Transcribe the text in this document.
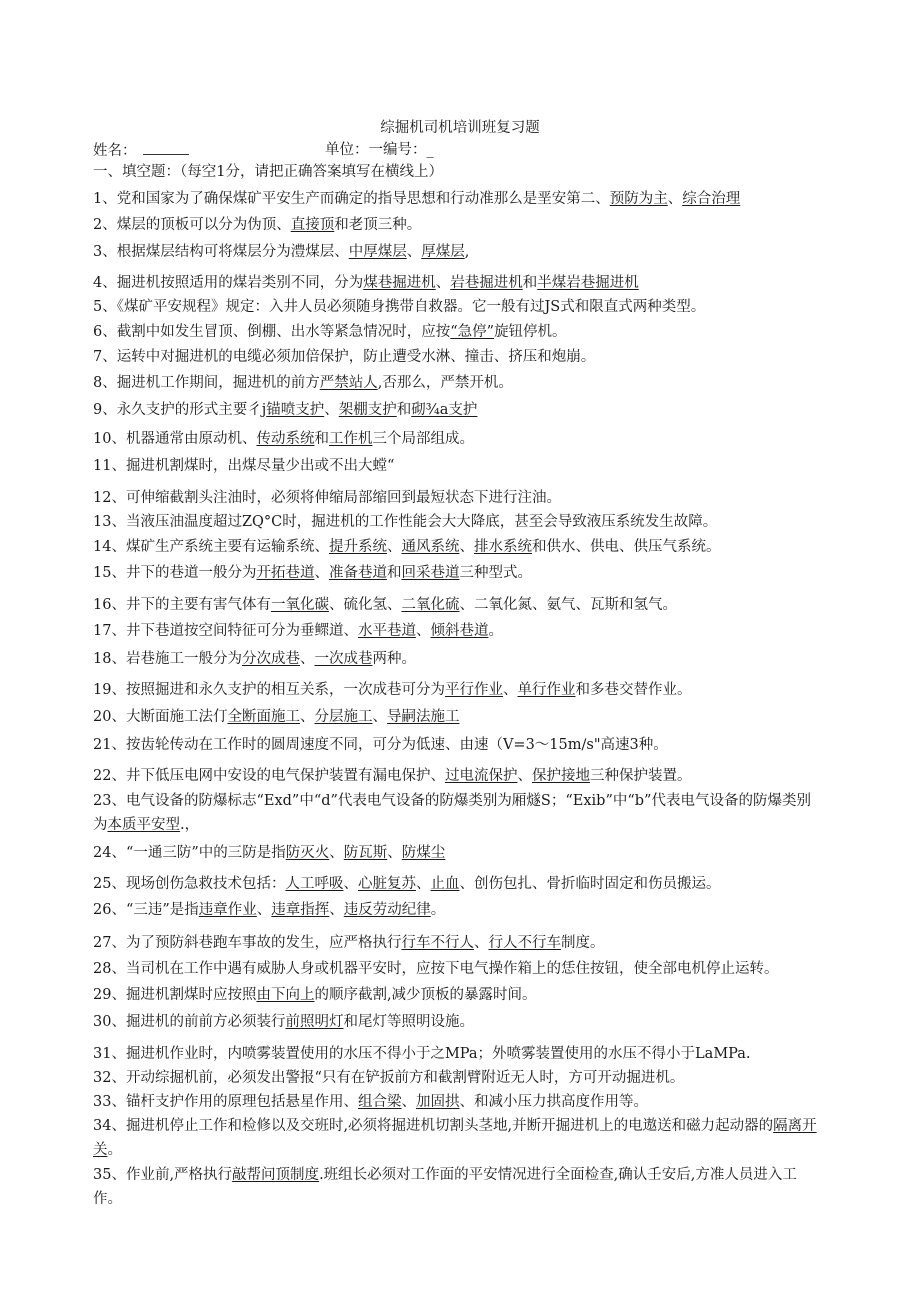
综掘机司机培训班复习题
姓名：	单位：一编号：_
一、填空题：（每空1分，请把正确答案填写在横线上）
1、党和国家为了确保煤矿平安生产而确定的指导思想和行动准那么是垩安第二、预防为主、综合治理
2、煤层的顶板可以分为伪顶、直接顶和老顶三种。
3、根据煤层结构可将煤层分为澧煤层、中厚煤层、厚煤层,
4、掘进机按照适用的煤岩类别不同，分为煤巷掘进机、岩巷掘进机和半煤岩巷掘进机
5、《煤矿平安规程》规定：入井人员必须随身携带自救器。它一般有过JS式和限直式两种类型。
6、截割中如发生冒顶、倒棚、出水等紧急情况时，应按“急停”旋钮停机。
7、运转中对掘进机的电缆必须加倍保护，防止遭受水淋、撞击、挤压和炮崩。
8、掘进机工作期间，掘进机的前方严禁站人,否那么，严禁开机。
9、永久支护的形式主要彳j锚喷支护、架棚支护和砌¾a支护
10、机器通常由原动机、传动系统和工作机三个局部组成。
11、掘进机割煤时，出煤尽量少出或不出大螳“
12、可伸缩截割头注油时，必须将伸缩局部缩回到最短状态下进行注油。
13、当液压油温度超过ZQ°C时，掘进机的工作性能会大大降底，甚至会导致液压系统发生故障。
14、煤矿生产系统主要有运输系统、提升系统、通风系统、排水系统和供水、供电、供压气系统。
15、井下的巷道一般分为开拓巷道、准备巷道和回采巷道三种型式。
16、井下的主要有害气体有一氧化碳、硫化氢、二氧化硫、二氧化氮、氨气、瓦斯和氢气。
17、井下巷道按空间特征可分为垂鳏道、水平巷道、倾斜巷道。
18、岩巷施工一般分为分次成巷、一次成巷两种。
19、按照掘进和永久支护的相互关系，一次成巷可分为平行作业、单行作业和多巷交替作业。
20、大断面施工法仃全断面施工、分层施工、导嗣法施工
21、按齿轮传动在工作时的圆周速度不同，可分为低速、由速（V=3～15m∕s"高速3种。
22、井下低压电网中安设的电气保护装置有漏电保护、过电流保护、保护接地三种保护装置。
23、电气设备的防爆标志“Exd”中“d”代表电气设备的防爆类别为厢燧S；“Exib”中“b”代表电气设备的防爆类别为本质平安型.，
24、“一通三防”中的三防是指防灭火、防瓦斯、防煤尘
25、现场创伤急救技术包括：人工呼吸、心脏复苏、止血、创伤包扎、骨折临时固定和伤员搬运。
26、“三违”是指违章作业、违章指挥、违反劳动纪律。
27、为了预防斜巷跑车事故的发生，应严格执行行车不行人、行人不行车制度。
28、当司机在工作中遇有威胁人身或机器平安时，应按下电气操作箱上的恁住按钮，使全部电机停止运转。
29、掘进机割煤时应按照由下向上的顺序截割,减少顶板的暴露时间。
30、掘进机的前前方必须装行前照明灯和尾灯等照明设施。
31、掘进机作业时，内喷雾装置使用的水压不得小于之MPa；外喷雾装置使用的水压不得小于LaMPa.
32、开动综掘机前，必须发出警报“只有在铲扳前方和截割臂附近无人时，方可开动掘进机。
33、锚杆支护作用的原理包括悬星作用、组合梁、加固拱、和减小压力拱高度作用等。
34、掘进机停止工作和检修以及交班时,必须将掘进机切割头茎地,并断开掘进机上的电遨送和磁力起动器的隔离开关。
35、作业前,严格执行敲帮问顶制度.班组长必须对工作面的平安情况进行全面检查,确认壬安后,方准人员进入工作。
